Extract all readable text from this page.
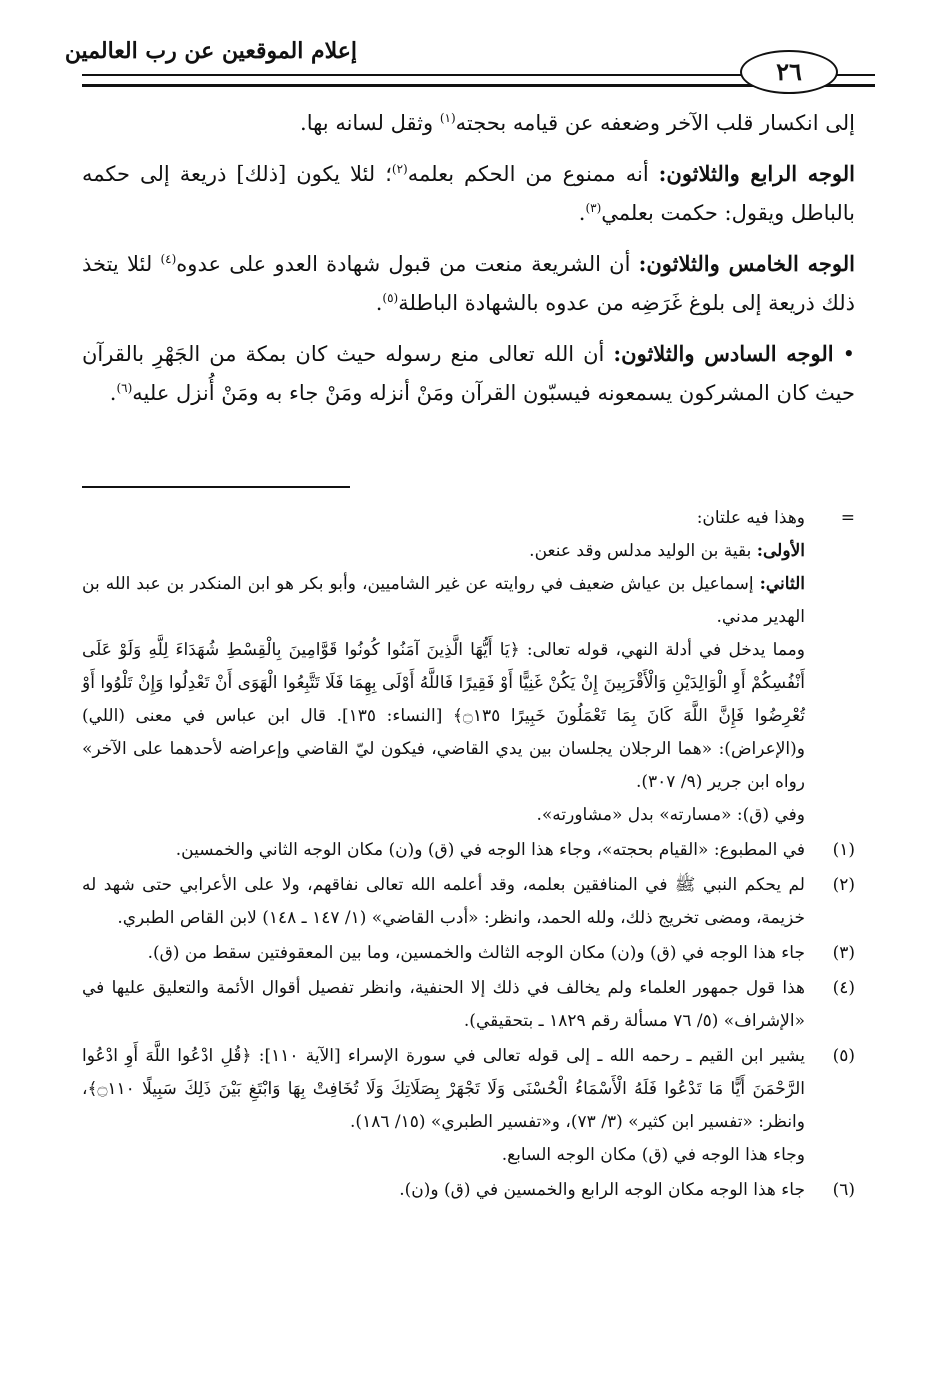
إعلام الموقعين عن رب العالمين
٢٦

إلى انكسار قلب الآخر وضعفه عن قيامه بحجته$^{(١)}$ وثقل لسانه بها.

الوجه الرابع والثلاثون: أنه ممنوع من الحكم بعلمه$^{(٢)}$؛ لئلا يكون [ذلك] ذريعة إلى حكمه بالباطل ويقول: حكمت بعلمي$^{(٣)}$.

الوجه الخامس والثلاثون: أن الشريعة منعت من قبول شهادة العدو على عدوه$^{(٤)}$ لئلا يتخذ ذلك ذريعة إلى بلوغ غَرَضِه من عدوه بالشهادة الباطلة$^{(٥)}$.

• الوجه السادس والثلاثون: أن الله تعالى منع رسوله حيث كان بمكة من الجَهْرِ بالقرآن حيث كان المشركون يسمعونه فيسبّون القرآن ومَنْ أنزله ومَنْ جاء به ومَنْ أُنزل عليه$^{(٦)}$.

=

وهذا فيه علتان:

الأولى: بقية بن الوليد مدلس وقد عنعن.

الثاني: إسماعيل بن عياش ضعيف في روايته عن غير الشاميين، وأبو بكر هو ابن المنكدر بن عبد الله بن الهدير مدني.

ومما يدخل في أدلة النهي، قوله تعالى: ﴿يَا أَيُّهَا الَّذِينَ آمَنُوا كُونُوا قَوَّامِينَ بِالْقِسْطِ شُهَدَاءَ لِلَّهِ وَلَوْ عَلَى أَنْفُسِكُمْ أَوِ الْوَالِدَيْنِ وَالْأَقْرَبِينَ إِنْ يَكُنْ غَنِيًّا أَوْ فَقِيرًا فَاللَّهُ أَوْلَى بِهِمَا فَلَا تَتَّبِعُوا الْهَوَى أَنْ تَعْدِلُوا وَإِنْ تَلْوُوا أَوْ تُعْرِضُوا فَإِنَّ اللَّهَ كَانَ بِمَا تَعْمَلُونَ خَبِيرًا ۝١٣٥﴾ [النساء: ١٣٥]. قال ابن عباس في معنى (اللي) و(الإعراض): «هما الرجلان يجلسان بين يدي القاضي، فيكون ليّ القاضي وإعراضه لأحدهما على الآخر» رواه ابن جرير (٩/ ٣٠٧).

وفي (ق): «مسارته» بدل «مشاورته».

(١)

في المطبوع: «القيام بحجته»، وجاء هذا الوجه في (ق) و(ن) مكان الوجه الثاني والخمسين.

(٢)

لم يحكم النبي ﷺ في المنافقين بعلمه، وقد أعلمه الله تعالى نفاقهم، ولا على الأعرابي حتى شهد له خزيمة، ومضى تخريج ذلك، ولله الحمد، وانظر: «أدب القاضي» (١/ ١٤٧ ـ ١٤٨) لابن القاص الطبري.

(٣)

جاء هذا الوجه في (ق) و(ن) مكان الوجه الثالث والخمسين، وما بين المعقوفتين سقط من (ق).

(٤)

هذا قول جمهور العلماء ولم يخالف في ذلك إلا الحنفية، وانظر تفصيل أقوال الأئمة والتعليق عليها في «الإشراف» (٥/ ٧٦ مسألة رقم ١٨٢٩ ـ بتحقيقي).

(٥)

يشير ابن القيم ـ رحمه الله ـ إلى قوله تعالى في سورة الإسراء [الآية ١١٠]: ﴿قُلِ ادْعُوا اللَّهَ أَوِ ادْعُوا الرَّحْمَنَ أَيًّا مَا تَدْعُوا فَلَهُ الْأَسْمَاءُ الْحُسْنَى وَلَا تَجْهَرْ بِصَلَاتِكَ وَلَا تُخَافِتْ بِهَا وَابْتَغِ بَيْنَ ذَلِكَ سَبِيلًا ۝١١٠﴾، وانظر: «تفسير ابن كثير» (٣/ ٧٣)، و«تفسير الطبري» (١٥/ ١٨٦).

وجاء هذا الوجه في (ق) مكان الوجه السابع.

(٦)

جاء هذا الوجه مكان الوجه الرابع والخمسين في (ق) و(ن).
